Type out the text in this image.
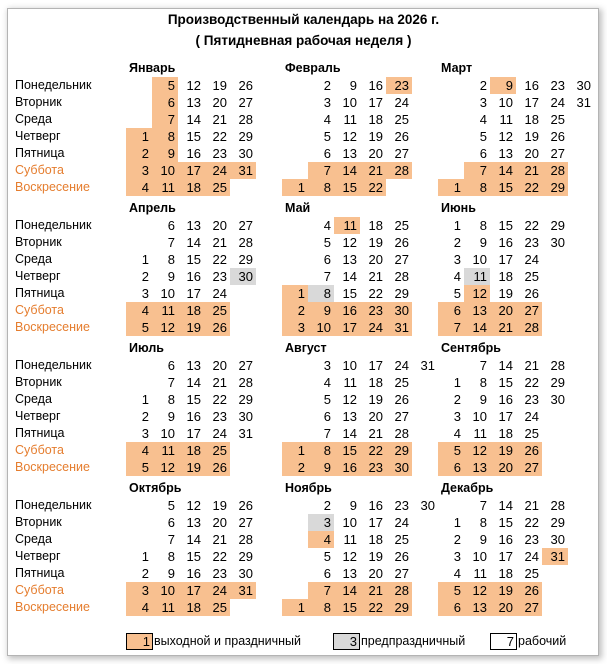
Производственный календарь на 2026 г.
( Пятидневная рабочая неделя )
Понедельник
Вторник
Среда
Четверг
Пятница
Суббота
Воскресение
Январь
1
2
3
4
5
6
7
8
9
10
11
12
13
14
15
16
17
18
19
20
21
22
23
24
25
26
27
28
29
30
31
Февраль
1
2
3
4
5
6
7
8
9
10
11
12
13
14
15
16
17
18
19
20
21
22
23
24
25
26
27
28
Март
1
2
3
4
5
6
7
8
9
10
11
12
13
14
15
16
17
18
19
20
21
22
23
24
25
26
27
28
29
30
31
Понедельник
Вторник
Среда
Четверг
Пятница
Суббота
Воскресение
Апрель
1
2
3
4
5
6
7
8
9
10
11
12
13
14
15
16
17
18
19
20
21
22
23
24
25
26
27
28
29
30
Май
1
2
3
4
5
6
7
8
9
10
11
12
13
14
15
16
17
18
19
20
21
22
23
24
25
26
27
28
29
30
31
Июнь
1
2
3
4
5
6
7
8
9
10
11
12
13
14
15
16
17
18
19
20
21
22
23
24
25
26
27
28
29
30
Понедельник
Вторник
Среда
Четверг
Пятница
Суббота
Воскресение
Июль
1
2
3
4
5
6
7
8
9
10
11
12
13
14
15
16
17
18
19
20
21
22
23
24
25
26
27
28
29
30
31
Август
1
2
3
4
5
6
7
8
9
10
11
12
13
14
15
16
17
18
19
20
21
22
23
24
25
26
27
28
29
30
31
Сентябрь
1
2
3
4
5
6
7
8
9
10
11
12
13
14
15
16
17
18
19
20
21
22
23
24
25
26
27
28
29
30
Понедельник
Вторник
Среда
Четверг
Пятница
Суббота
Воскресение
Октябрь
1
2
3
4
5
6
7
8
9
10
11
12
13
14
15
16
17
18
19
20
21
22
23
24
25
26
27
28
29
30
31
Ноябрь
1
2
3
4
5
6
7
8
9
10
11
12
13
14
15
16
17
18
19
20
21
22
23
24
25
26
27
28
29
30
Декабрь
1
2
3
4
5
6
7
8
9
10
11
12
13
14
15
16
17
18
19
20
21
22
23
24
25
26
27
28
29
30
31
1 выходной и праздничный	3 предпраздничный	7 рабочий
